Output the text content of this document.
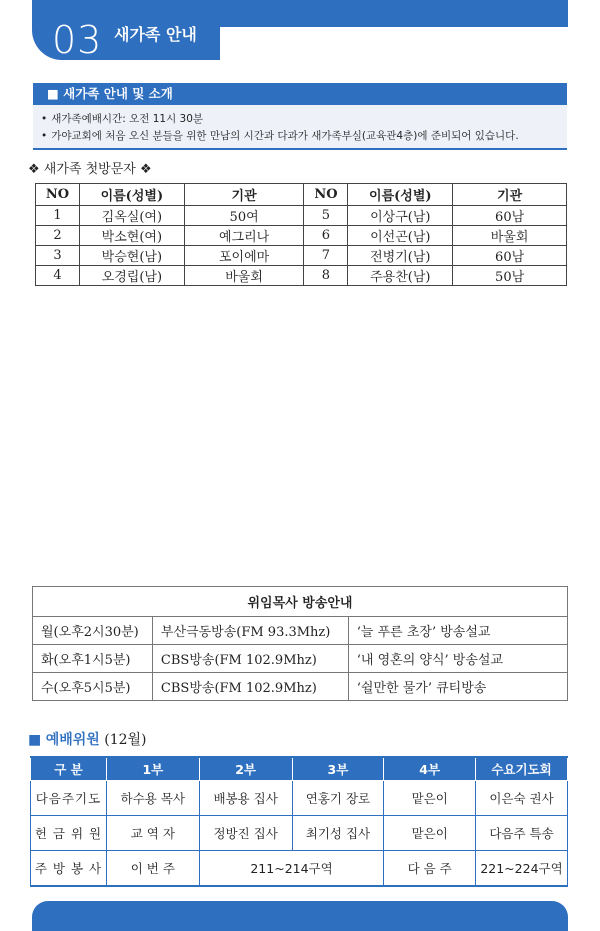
03 새가족 안내
■ 새가족 안내 및 소개
• 새가족예배시간: 오전 11시 30분
• 가야교회에 처음 오신 분들을 위한 만남의 시간과 다과가 새가족부실(교육관4층)에 준비되어 있습니다.
❖ 새가족 첫방문자 ❖
NO	이름(성별)	기관	NO	이름(성별)	기관
1	김옥실(여)	50여	5	이상구(남)	60남
2	박소현(여)	예그리나	6	이선곤(남)	바울회
3	박승현(남)	포이에마	7	전병기(남)	60남
4	오경립(남)	바울회	8	주용찬(남)	50남
위임목사 방송안내		
월(오후2시30분)	부산극동방송(FM 93.3Mhz)	‘늘 푸른 초장’ 방송설교
화(오후1시5분)	CBS방송(FM 102.9Mhz)	‘내 영혼의 양식’ 방송설교
수(오후5시5분)	CBS방송(FM 102.9Mhz)	‘쉴만한 물가’ 큐티방송
■ 예배위원 (12월)
구 분	1부	2부	3부	4부	수요기도회
다음주기도	하수용 목사	배봉용 집사	연홍기 장로	맡은이	이은숙 권사
헌 금 위 원	교 역 자	정방진 집사	최기성 집사	맡은이	다음주 특송
주 방 봉 사	이 번 주	211~214구역		다 음 주	221~224구역
